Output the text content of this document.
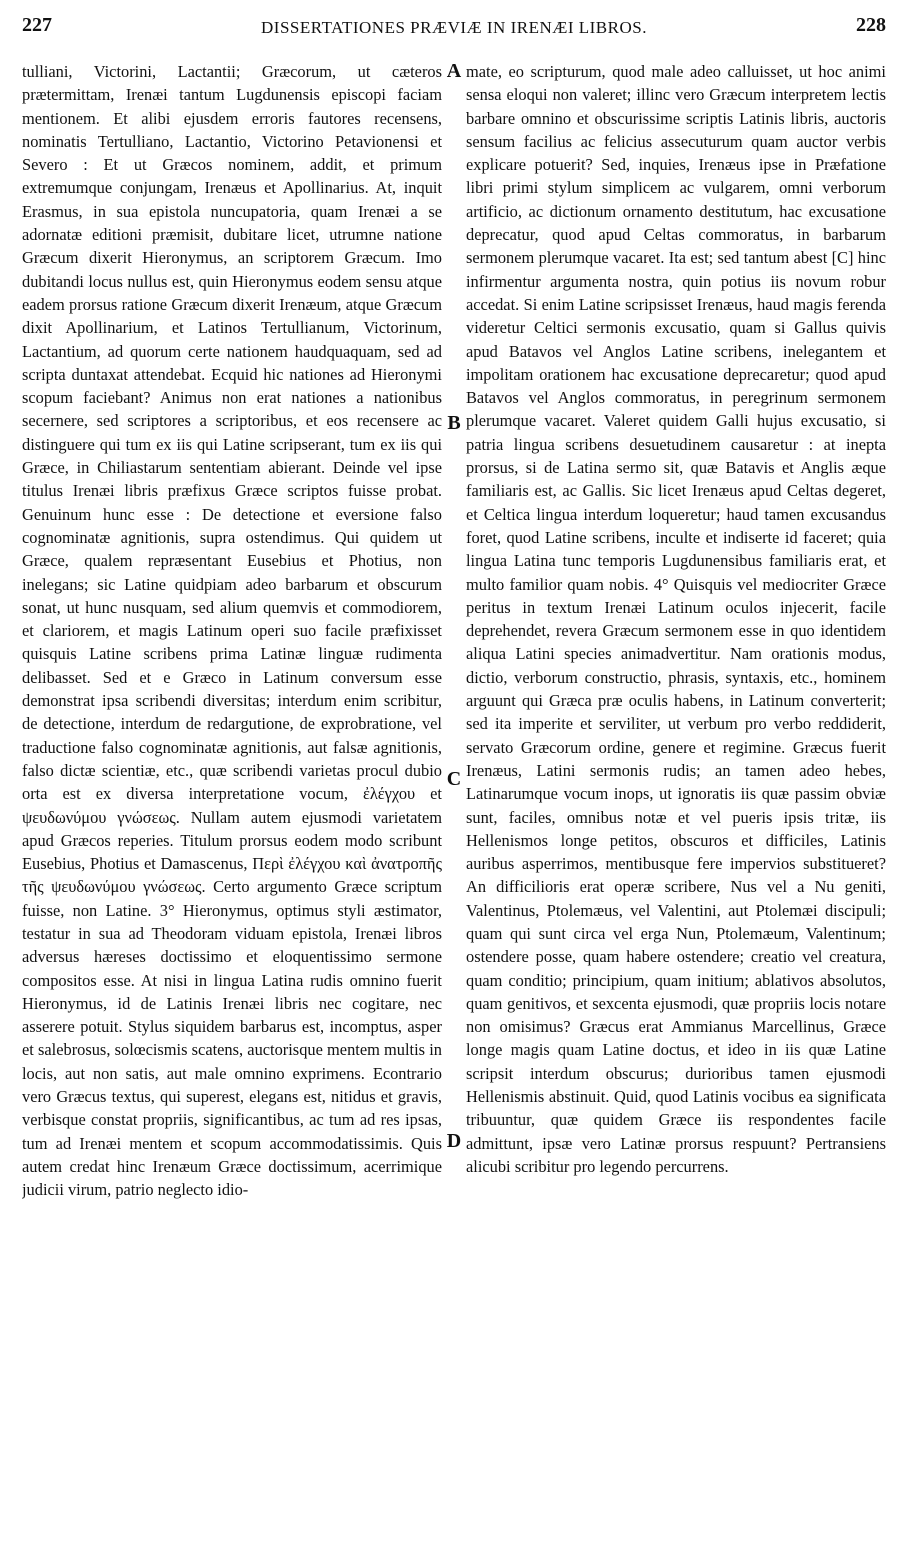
227	DISSERTATIONES PRÆVIÆ IN IRENÆI LIBROS.	228

tulliani, Victorini, Lactantii; Græcorum, ut cæteros prætermittam, Irenæi tantum Lugdunensis episcopi faciam mentionem. Et alibi ejusdem erroris fautores recensens, nominatis Tertulliano, Lactantio, Victorino Petavionensi et Severo : Et ut Græcos nominem, addit, et primum extremumque conjungam, Irenæus et Apollinarius. At, inquit Erasmus, in sua epistola nuncupatoria, quam Irenæi a se adornatæ editioni præmisit, dubitare licet, utrumne natione Græcum dixerit Hieronymus, an scriptorem Græcum. Imo dubitandi locus nullus est, quin Hieronymus eodem sensu atque eadem prorsus ratione Græcum dixerit Irenæum, atque Græcum dixit Apollinarium, et Latinos Tertullianum, Victorinum, Lactantium, ad quorum certe nationem haudquaquam, sed ad scripta duntaxat attendebat. Ecquid hic nationes ad Hieronymi scopum faciebant? Animus non erat nationes a nationibus secernere, sed scriptores a scriptoribus, et eos recensere ac distinguere qui tum ex iis qui Latine scripserant, tum ex iis qui Græce, in Chiliastarum sententiam abierant. Deinde vel ipse titulus Irenæi libris præfixus Græce scriptos fuisse probat. Genuinum hunc esse : De detectione et eversione falso cognominatæ agnitionis, supra ostendimus. Qui quidem ut Græce, qualem repræsentant Eusebius et Photius, non inelegans; sic Latine quidpiam adeo barbarum et obscurum sonat, ut hunc nusquam, sed alium quemvis et commodiorem, et clariorem, et magis Latinum operi suo facile præfixisset quisquis Latine scribens prima Latinæ linguæ rudimenta delibasset. Sed et e Græco in Latinum conversum esse demonstrat ipsa scribendi diversitas; interdum enim scribitur, de detectione, interdum de redargutione, de exprobratione, vel traductione falso cognominatæ agnitionis, aut falsæ agnitionis, falso dictæ scientiæ, etc., quæ scribendi varietas procul dubio orta est ex diversa interpretatione vocum, ἐλέγχου et ψευδωνύμου γνώσεως. Nullam autem ejusmodi varietatem apud Græcos reperies. Titulum prorsus eodem modo scribunt Eusebius, Photius et Damascenus, Περὶ ἐλέγχου καὶ ἀνατροπῆς τῆς ψευδωνύμου γνώσεως. Certo argumento Græce scriptum fuisse, non Latine. 3° Hieronymus, optimus styli æstimator, testatur in sua ad Theodoram viduam epistola, Irenæi libros adversus hæreses doctissimo et eloquentissimo sermone compositos esse. At nisi in lingua Latina rudis omnino fuerit Hieronymus, id de Latinis Irenæi libris nec cogitare, nec asserere potuit. Stylus siquidem barbarus est, incomptus, asper et salebrosus, solœcismis scatens, auctorisque mentem multis in locis, aut non satis, aut male omnino exprimens. Econtrario vero Græcus textus, qui superest, elegans est, nitidus et gravis, verbisque constat propriis, significantibus, ac tum ad res ipsas, tum ad Irenæi mentem et scopum accommodatissimis. Quis autem credat hinc Irenæum Græce doctissimum, acerrimique judicii virum, patrio neglecto idio-

A
B
C
D

mate, eo scripturum, quod male adeo calluisset, ut hoc animi sensa eloqui non valeret; illinc vero Græcum interpretem lectis barbare omnino et obscurissime scriptis Latinis libris, auctoris sensum facilius ac felicius assecuturum quam auctor verbis explicare potuerit? Sed, inquies, Irenæus ipse in Præfatione libri primi stylum simplicem ac vulgarem, omni verborum artificio, ac dictionum ornamento destitutum, hac excusatione deprecatur, quod apud Celtas commoratus, in barbarum sermonem plerumque vacaret. Ita est; sed tantum abest [C] hinc infirmentur argumenta nostra, quin potius iis novum robur accedat. Si enim Latine scripsisset Irenæus, haud magis ferenda videretur Celtici sermonis excusatio, quam si Gallus quivis apud Batavos vel Anglos Latine scribens, inelegantem et impolitam orationem hac excusatione deprecaretur; quod apud Batavos vel Anglos commoratus, in peregrinum sermonem plerumque vacaret. Valeret quidem Galli hujus excusatio, si patria lingua scribens desuetudinem causaretur : at inepta prorsus, si de Latina sermo sit, quæ Batavis et Anglis æque familiaris est, ac Gallis. Sic licet Irenæus apud Celtas degeret, et Celtica lingua interdum loqueretur; haud tamen excusandus foret, quod Latine scribens, inculte et indiserte id faceret; quia lingua Latina tunc temporis Lugdunensibus familiaris erat, et multo familior quam nobis. 4° Quisquis vel mediocriter Græce peritus in textum Irenæi Latinum oculos injecerit, facile deprehendet, revera Græcum sermonem esse in quo identidem aliqua Latini species animadvertitur. Nam orationis modus, dictio, verborum constructio, phrasis, syntaxis, etc., hominem arguunt qui Græca præ oculis habens, in Latinum converterit; sed ita imperite et serviliter, ut verbum pro verbo reddiderit, servato Græcorum ordine, genere et regimine. Græcus fuerit Irenæus, Latini sermonis rudis; an tamen adeo hebes, Latinarumque vocum inops, ut ignoratis iis quæ passim obviæ sunt, faciles, omnibus notæ et vel pueris ipsis tritæ, iis Hellenismos longe petitos, obscuros et difficiles, Latinis auribus asperrimos, mentibusque fere impervios substitueret? An difficilioris erat operæ scribere, Nus vel a Nu geniti, Valentinus, Ptolemæus, vel Valentini, aut Ptolemæi discipuli; quam qui sunt circa vel erga Nun, Ptolemæum, Valentinum; ostendere posse, quam habere ostendere; creatio vel creatura, quam conditio; principium, quam initium; ablativos absolutos, quam genitivos, et sexcenta ejusmodi, quæ propriis locis notare non omisimus? Græcus erat Ammianus Marcellinus, Græce longe magis quam Latine doctus, et ideo in iis quæ Latine scripsit interdum obscurus; durioribus tamen ejusmodi Hellenismis abstinuit. Quid, quod Latinis vocibus ea significata tribuuntur, quæ quidem Græce iis respondentes facile admittunt, ipsæ vero Latinæ prorsus respuunt? Pertransiens alicubi scribitur pro legendo percurrens.
